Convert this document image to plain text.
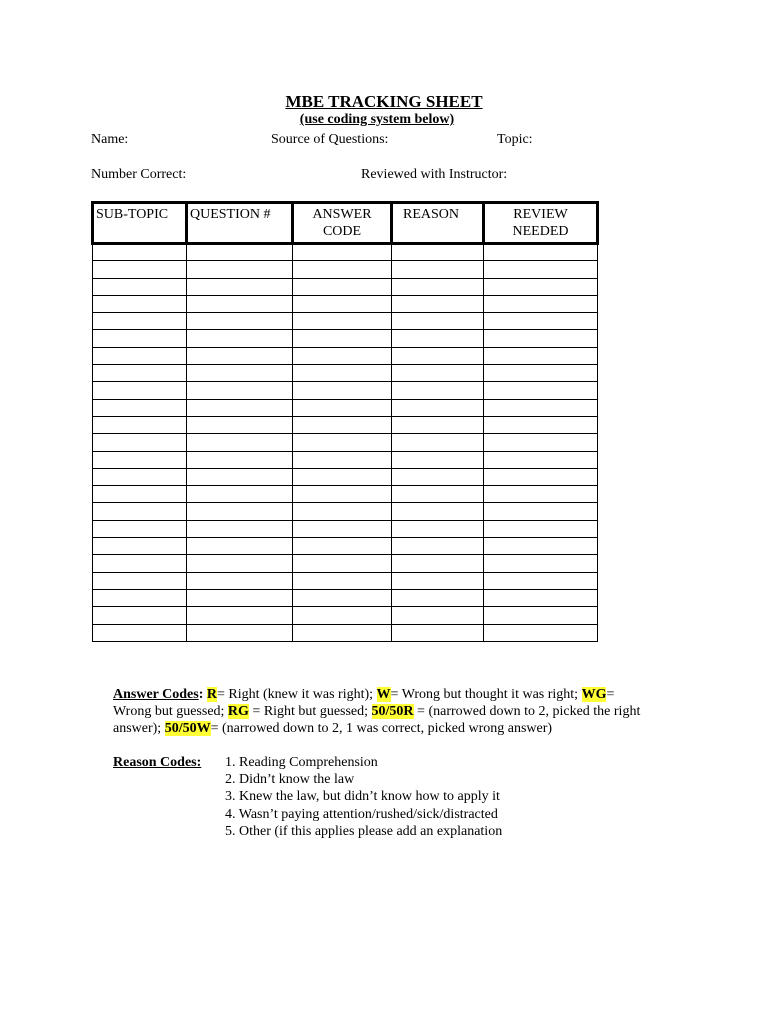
MBE TRACKING SHEET
(use coding system below)
Name:	Source of Questions:	Topic:
Number Correct:	Reviewed with Instructor:
SUB-TOPIC	QUESTION #	ANSWER CODE	REASON	REVIEW NEEDED

Answer Codes: R= Right (knew it was right); W= Wrong but thought it was right; WG=
Wrong but guessed; RG = Right but guessed; 50/50R = (narrowed down to 2, picked the right
answer); 50/50W= (narrowed down to 2, 1 was correct, picked wrong answer)
Reason Codes: 1. Reading Comprehension
2. Didn’t know the law
3. Knew the law, but didn’t know how to apply it
4. Wasn’t paying attention/rushed/sick/distracted
5. Other (if this applies please add an explanation
